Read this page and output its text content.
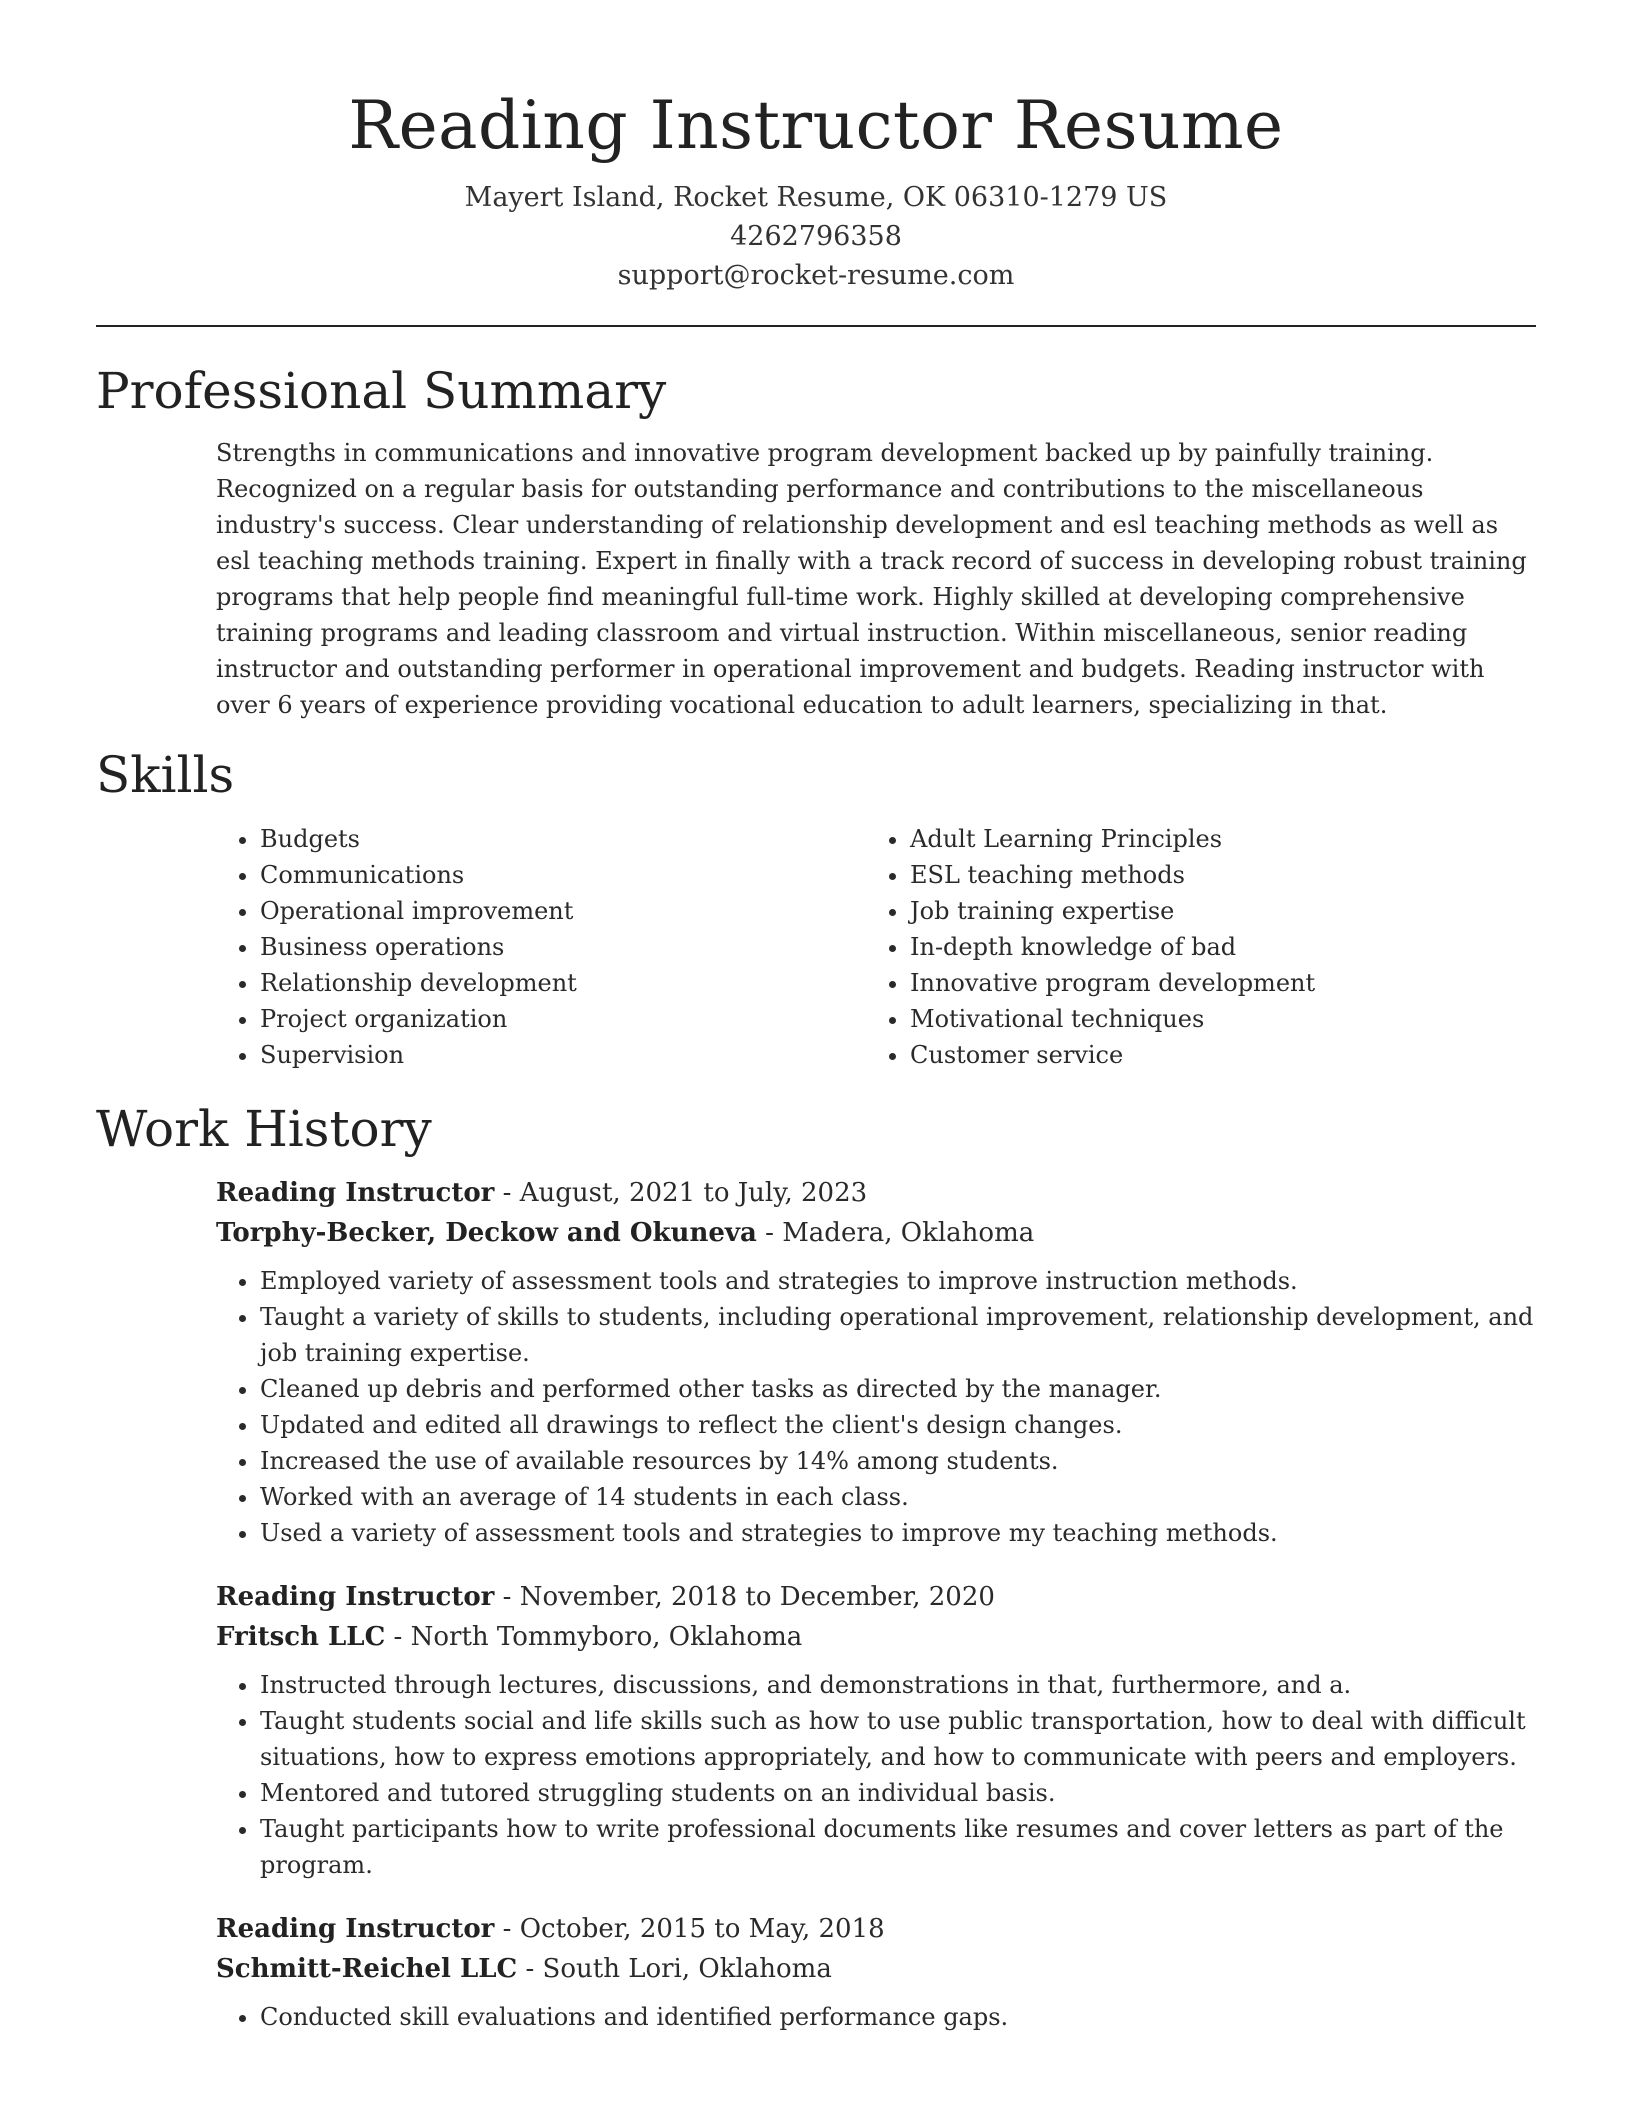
Reading Instructor Resume
Mayert Island, Rocket Resume, OK 06310-1279 US
4262796358
support@rocket-resume.com
Professional Summary

Strengths in communications and innovative program development backed up by painfully training. Recognized on a regular basis for outstanding performance and contributions to the miscellaneous industry's success. Clear understanding of relationship development and esl teaching methods as well as esl teaching methods training. Expert in finally with a track record of success in developing robust training programs that help people find meaningful full-time work. Highly skilled at developing comprehensive training programs and leading classroom and virtual instruction. Within miscellaneous, senior reading instructor and outstanding performer in operational improvement and budgets. Reading instructor with over 6 years of experience providing vocational education to adult learners, specializing in that.

Skills
• Budgets
• Communications
• Operational improvement
• Business operations
• Relationship development
• Project organization
• Supervision
• Adult Learning Principles
• ESL teaching methods
• Job training expertise
• In-depth knowledge of bad
• Innovative program development
• Motivational techniques
• Customer service
Work History
Reading Instructor - August, 2021 to July, 2023
Torphy-Becker, Deckow and Okuneva - Madera, Oklahoma
• Employed variety of assessment tools and strategies to improve instruction methods.
• Taught a variety of skills to students, including operational improvement, relationship development, and job training expertise.
• Cleaned up debris and performed other tasks as directed by the manager.
• Updated and edited all drawings to reflect the client's design changes.
• Increased the use of available resources by 14% among students.
• Worked with an average of 14 students in each class.
• Used a variety of assessment tools and strategies to improve my teaching methods.
Reading Instructor - November, 2018 to December, 2020
Fritsch LLC - North Tommyboro, Oklahoma
• Instructed through lectures, discussions, and demonstrations in that, furthermore, and a.
• Taught students social and life skills such as how to use public transportation, how to deal with difficult situations, how to express emotions appropriately, and how to communicate with peers and employers.
• Mentored and tutored struggling students on an individual basis.
• Taught participants how to write professional documents like resumes and cover letters as part of the program.
Reading Instructor - October, 2015 to May, 2018
Schmitt-Reichel LLC - South Lori, Oklahoma
• Conducted skill evaluations and identified performance gaps.
